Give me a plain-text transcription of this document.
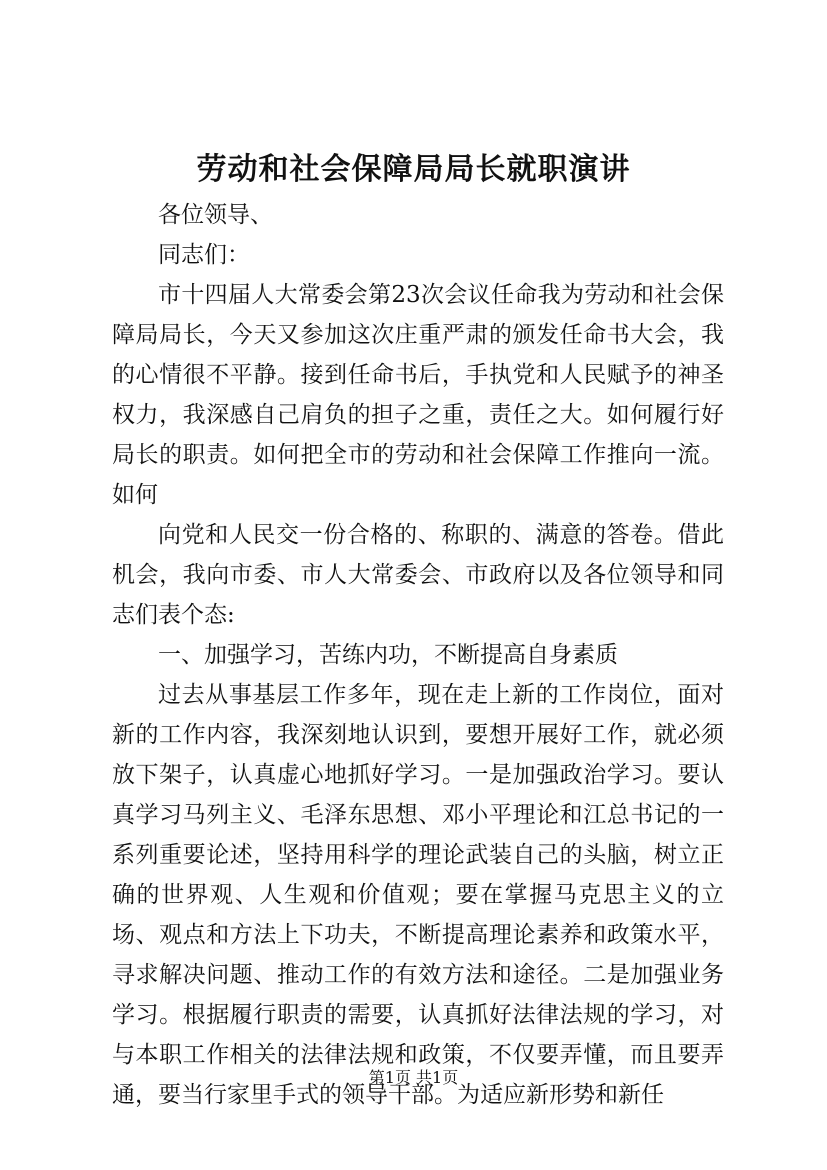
劳动和社会保障局局长就职演讲

各位领导、

同志们：

市十四届人大常委会第23次会议任命我为劳动和社会保障局局长，今天又参加这次庄重严肃的颁发任命书大会，我的心情很不平静。接到任命书后，手执党和人民赋予的神圣权力，我深感自己肩负的担子之重，责任之大。如何履行好局长的职责。如何把全市的劳动和社会保障工作推向一流。如何

向党和人民交一份合格的、称职的、满意的答卷。借此机会，我向市委、市人大常委会、市政府以及各位领导和同志们表个态:

一、加强学习，苦练内功，不断提高自身素质

过去从事基层工作多年，现在走上新的工作岗位，面对新的工作内容，我深刻地认识到，要想开展好工作，就必须放下架子，认真虚心地抓好学习。一是加强政治学习。要认真学习马列主义、毛泽东思想、邓小平理论和江总书记的一系列重要论述，坚持用科学的理论武装自己的头脑，树立正确的世界观、人生观和价值观；要在掌握马克思主义的立场、观点和方法上下功夫，不断提高理论素养和政策水平，寻求解决问题、推动工作的有效方法和途径。二是加强业务学习。根据履行职责的需要，认真抓好法律法规的学习，对与本职工作相关的法律法规和政策，不仅要弄懂，而且要弄通，要当行家里手式的领导干部。为适应新形势和新任

第1页 共1页
